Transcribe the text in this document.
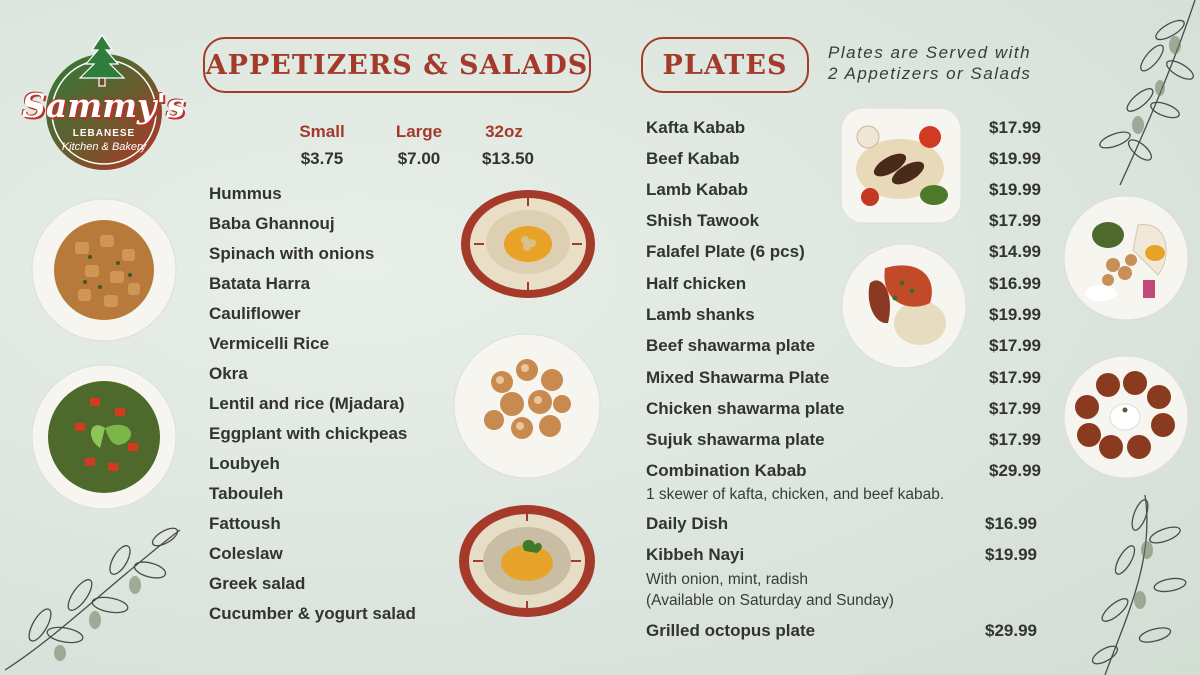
Sammy's
LEBANESE
Kitchen & Bakery
APPETIZERS & SALADS	PLATES	Plates are Served with
2 Appetizers or Salads
Small	Large	32oz
$3.75	$7.00	$13.50
Hummus
Baba Ghannouj
Spinach with onions
Batata Harra
Cauliflower
Vermicelli Rice
Okra
Lentil and rice (Mjadara)
Eggplant with chickpeas
Loubyeh
Tabouleh
Fattoush
Coleslaw
Greek salad
Cucumber & yogurt salad
Kafta Kabab	$17.99
Beef Kabab	$19.99
Lamb Kabab	$19.99
Shish Tawook	$17.99
Falafel Plate (6 pcs)	$14.99
Half chicken	$16.99
Lamb shanks	$19.99
Beef shawarma plate	$17.99
Mixed Shawarma Plate	$17.99
Chicken shawarma plate	$17.99
Sujuk shawarma plate	$17.99
Combination Kabab	$29.99
1 skewer of kafta, chicken, and beef kabab.
Daily Dish	$16.99
Kibbeh Nayi	$19.99
With onion, mint, radish
(Available on Saturday and Sunday)
Grilled octopus plate	$29.99
